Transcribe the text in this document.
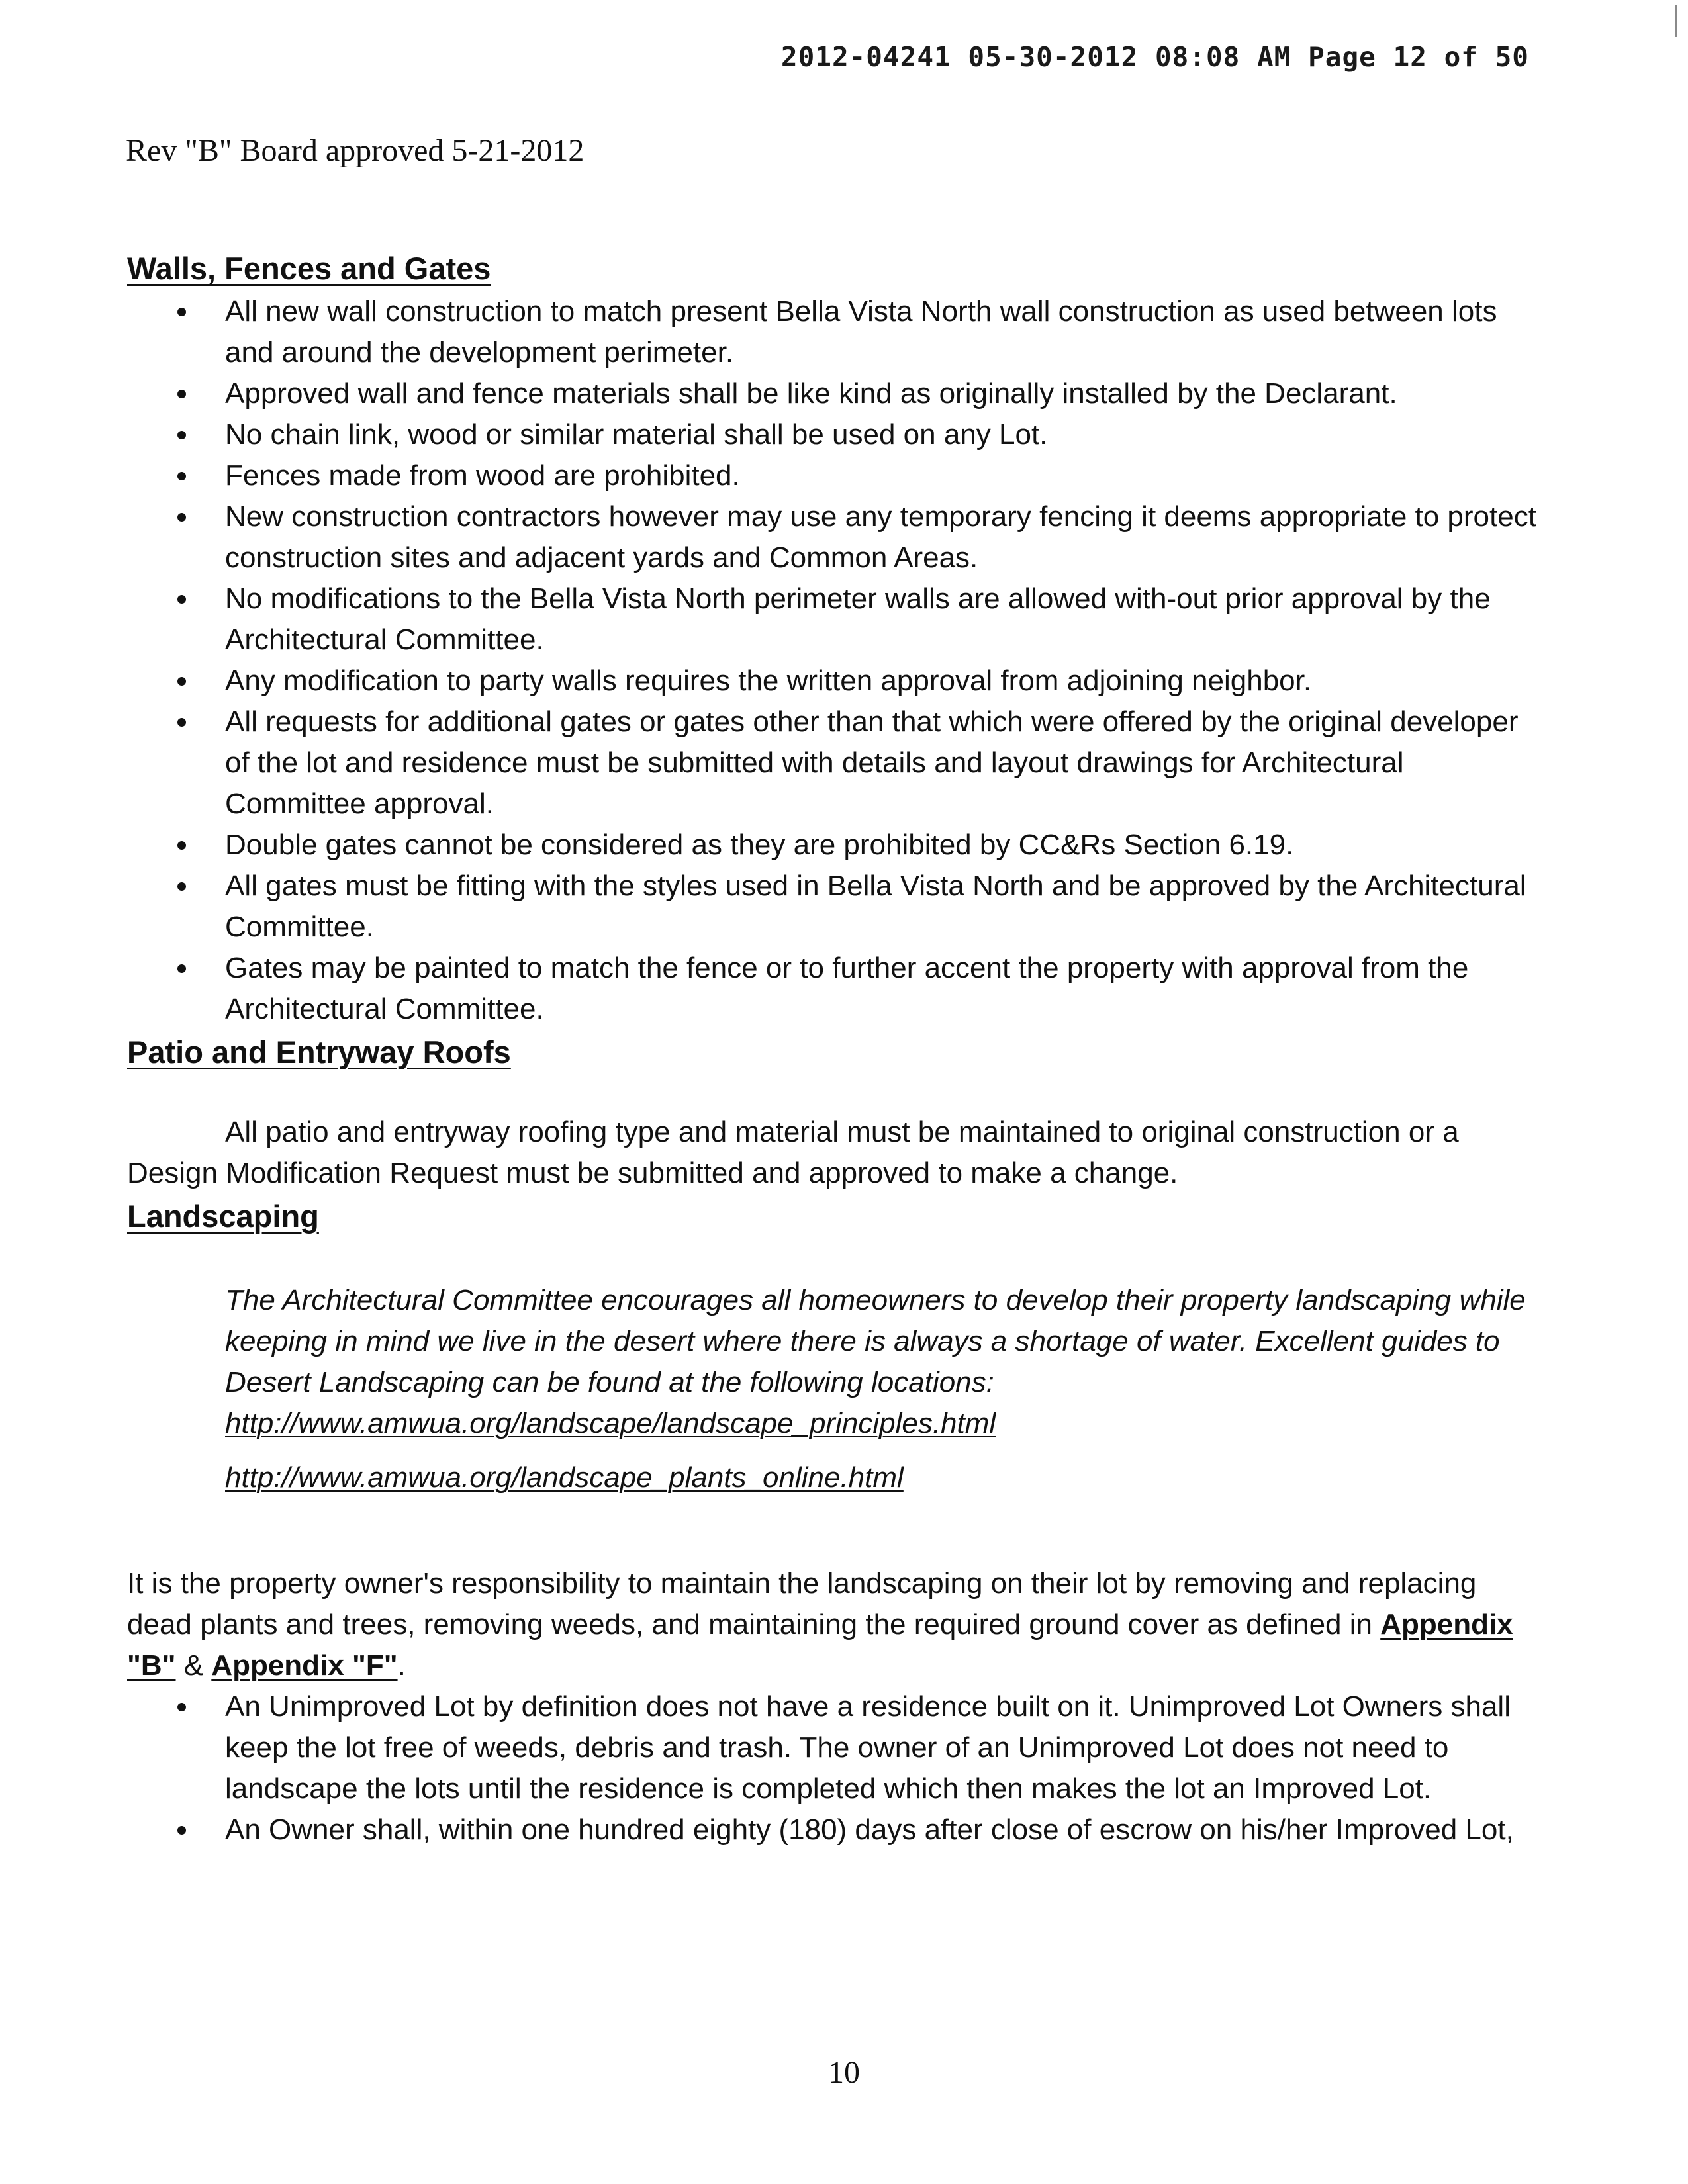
2012-04241 05-30-2012 08:08 AM Page 12 of 50
Rev "B" Board approved 5-21-2012
Walls, Fences and Gates
All new wall construction to match present Bella Vista North wall construction as used between lots and around the development perimeter.
Approved wall and fence materials shall be like kind as originally installed by the Declarant.
No chain link, wood or similar material shall be used on any Lot.
Fences made from wood are prohibited.
New construction contractors however may use any temporary fencing it deems appropriate to protect construction sites and adjacent yards and Common Areas.
No modifications to the Bella Vista North perimeter walls are allowed with-out prior approval by the Architectural Committee.
Any modification to party walls requires the written approval from adjoining neighbor.
All requests for additional gates or gates other than that which were offered by the original developer of the lot and residence must be submitted with details and layout drawings for Architectural Committee approval.
Double gates cannot be considered as they are prohibited by CC&Rs Section 6.19.
All gates must be fitting with the styles used in Bella Vista North and be approved by the Architectural Committee.
Gates may be painted to match the fence or to further accent the property with approval from the Architectural Committee.
Patio and Entryway Roofs

All patio and entryway roofing type and material must be maintained to original construction or a Design Modification Request must be submitted and approved to make a change.

Landscaping

The Architectural Committee encourages all homeowners to develop their property landscaping while keeping in mind we live in the desert where there is always a shortage of water. Excellent guides to Desert Landscaping can be found at the following locations:

http://www.amwua.org/landscape/landscape_principles.html
http://www.amwua.org/landscape_plants_online.html

It is the property owner's responsibility to maintain the landscaping on their lot by removing and replacing dead plants and trees, removing weeds, and maintaining the required ground cover as defined in Appendix "B" & Appendix "F".

An Unimproved Lot by definition does not have a residence built on it. Unimproved Lot Owners shall keep the lot free of weeds, debris and trash. The owner of an Unimproved Lot does not need to landscape the lots until the residence is completed which then makes the lot an Improved Lot.
An Owner shall, within one hundred eighty (180) days after close of escrow on his/her Improved Lot,
10
